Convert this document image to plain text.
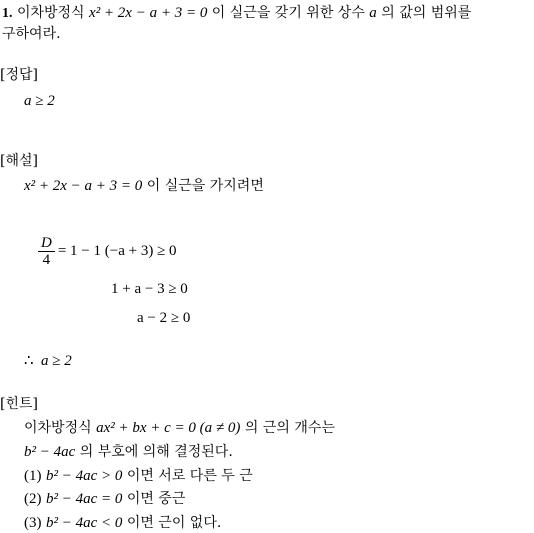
1. 이차방정식 x² + 2x − a + 3 = 0 이 실근을 갖기 위한 상수 a 의 값의 범위를
구하여라.
[정답]
a ≥ 2
[해설]
x² + 2x − a + 3 = 0 이 실근을 가지려면
$\frac{D}{4} = 1 - 1$ (−a + 3) ≥ 0
1 + a − 3 ≥ 0
a − 2 ≥ 0
∴ a ≥ 2
[힌트]
이차방정식 ax² + bx + c = 0 (a ≠ 0) 의 근의 개수는
b² − 4ac 의 부호에 의해 결정된다.
(1) b² − 4ac > 0 이면 서로 다른 두 근
(2) b² − 4ac = 0 이면 중근
(3) b² − 4ac < 0 이면 근이 없다.
